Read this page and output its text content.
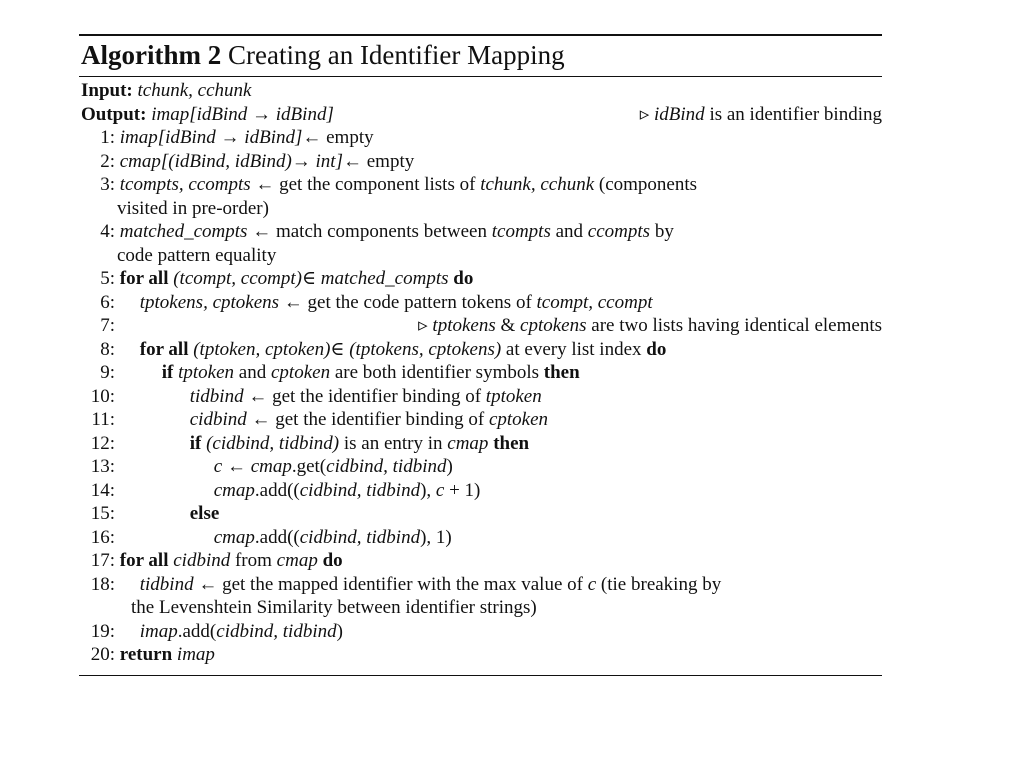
Algorithm 2 Creating an Identifier Mapping
Input: tchunk, cchunk
Output: imap[idBind → idBind]	▹ idBind is an identifier binding
1: imap[idBind → idBind]← empty
2: cmap[(idBind, idBind)→ int]← empty
3: tcompts, ccompts ← get the component lists of tchunk, cchunk (components
visited in pre-order)
4: matched_compts ← match components between tcompts and ccompts by
code pattern equality
5: for all (tcompt, ccompt)∈ matched_compts do
6: tptokens, cptokens ← get the code pattern tokens of tcompt, ccompt
7:	▹ tptokens & cptokens are two lists having identical elements
8: for all (tptoken, cptoken)∈ (tptokens, cptokens) at every list index do
9: if tptoken and cptoken are both identifier symbols then
10:	tidbind ← get the identifier binding of tptoken
11:	cidbind ← get the identifier binding of cptoken
12:	if (cidbind, tidbind) is an entry in cmap then
13:	c ← cmap.get(cidbind, tidbind)
14:	cmap.add((cidbind, tidbind), c + 1)
15:	else
16:	cmap.add((cidbind, tidbind), 1)
17: for all cidbind from cmap do
18: tidbind ← get the mapped identifier with the max value of c (tie breaking by
the Levenshtein Similarity between identifier strings)
19: imap.add(cidbind, tidbind)
20: return imap
